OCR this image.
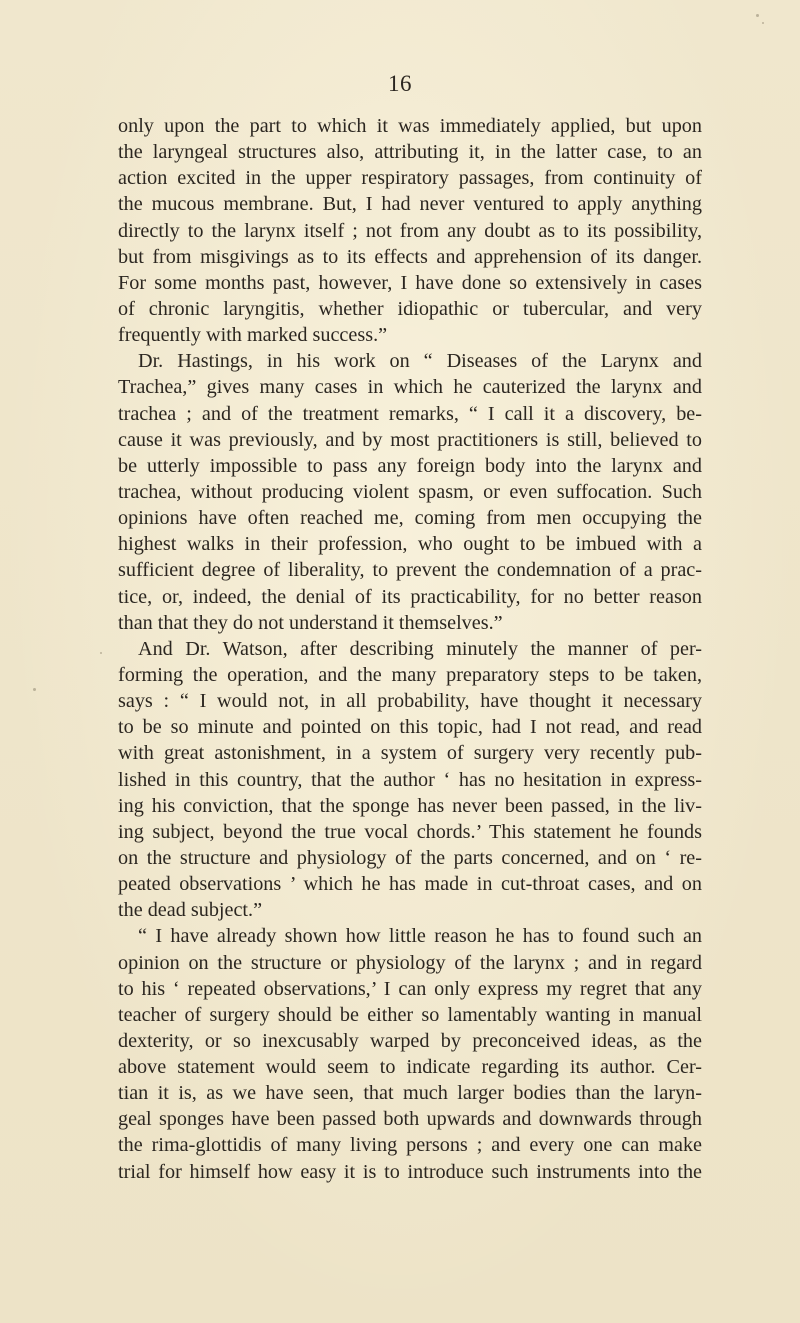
16
only upon the part to which it was immediately applied, but upon
the laryngeal structures also, attributing it, in the latter case, to an
action excited in the upper respiratory passages, from continuity of
the mucous membrane. But, I had never ventured to apply anything
directly to the larynx itself ; not from any doubt as to its possibility,
but from misgivings as to its effects and apprehension of its danger.
For some months past, however, I have done so extensively in cases
of chronic laryngitis, whether idiopathic or tubercular, and very
frequently with marked success.”
Dr. Hastings, in his work on “ Diseases of the Larynx and
Trachea,” gives many cases in which he cauterized the larynx and
trachea ; and of the treatment remarks, “ I call it a discovery, be-
cause it was previously, and by most practitioners is still, believed to
be utterly impossible to pass any foreign body into the larynx and
trachea, without producing violent spasm, or even suffocation. Such
opinions have often reached me, coming from men occupying the
highest walks in their profession, who ought to be imbued with a
sufficient degree of liberality, to prevent the condemnation of a prac-
tice, or, indeed, the denial of its practicability, for no better reason
than that they do not understand it themselves.”
And Dr. Watson, after describing minutely the manner of per-
forming the operation, and the many preparatory steps to be taken,
says : “ I would not, in all probability, have thought it necessary
to be so minute and pointed on this topic, had I not read, and read
with great astonishment, in a system of surgery very recently pub-
lished in this country, that the author ‘ has no hesitation in express-
ing his conviction, that the sponge has never been passed, in the liv-
ing subject, beyond the true vocal chords.’ This statement he founds
on the structure and physiology of the parts concerned, and on ‘ re-
peated observations ’ which he has made in cut-throat cases, and on
the dead subject.”
“ I have already shown how little reason he has to found such an
opinion on the structure or physiology of the larynx ; and in regard
to his ‘ repeated observations,’ I can only express my regret that any
teacher of surgery should be either so lamentably wanting in manual
dexterity, or so inexcusably warped by preconceived ideas, as the
above statement would seem to indicate regarding its author. Cer-
tian it is, as we have seen, that much larger bodies than the laryn-
geal sponges have been passed both upwards and downwards through
the rima-glottidis of many living persons ; and every one can make
trial for himself how easy it is to introduce such instruments into the
